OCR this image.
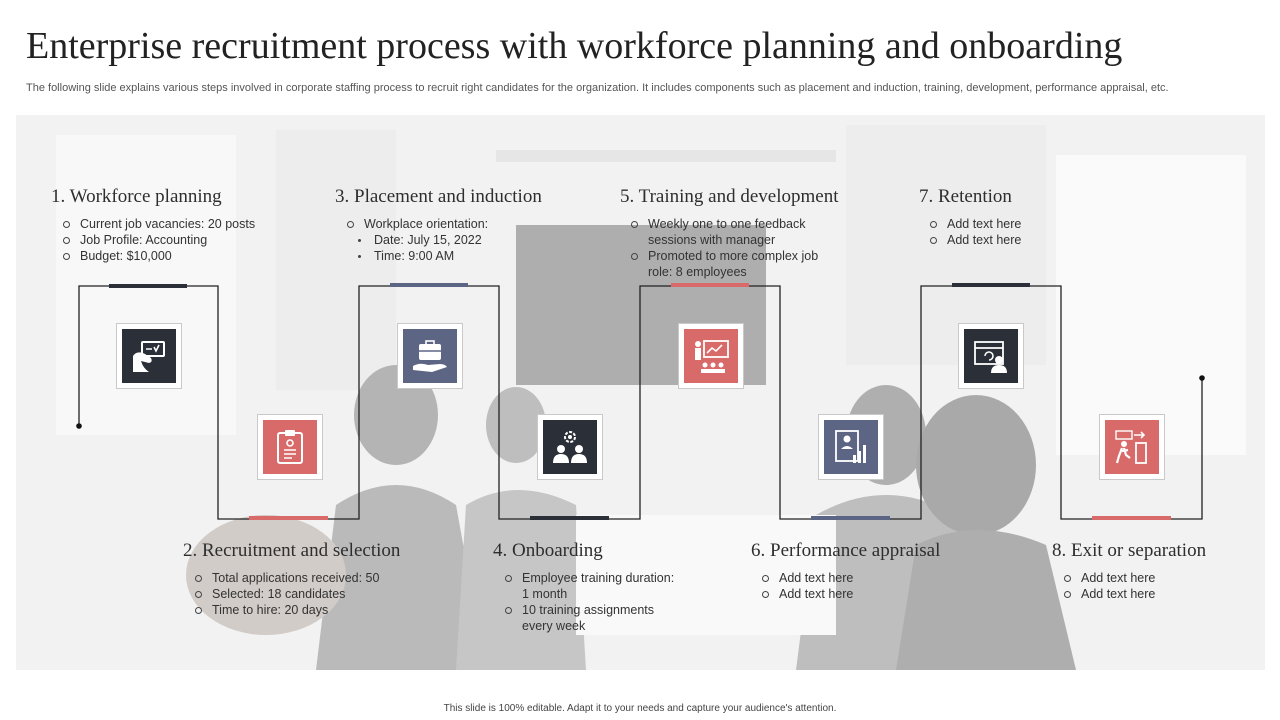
Enterprise recruitment process with workforce planning and onboarding
The following slide explains various steps involved in corporate staffing process to recruit right candidates for the organization. It includes components such as placement and induction, training, development, performance appraisal, etc.
1. Workforce planning
Current job vacancies: 20 posts
Job Profile: Accounting
Budget: $10,000
2. Recruitment and selection
Total applications received: 50
Selected: 18 candidates
Time to hire: 20 days
3. Placement and induction
Workplace orientation:
Date: July 15, 2022
Time: 9:00 AM
4. Onboarding
Employee training duration: 1 month
10 training assignments every week
5. Training and development
Weekly one to one feedback sessions with manager
Promoted to more complex job role: 8 employees
6. Performance appraisal
Add text here
Add text here
7. Retention
Add text here
Add text here
8. Exit or separation
Add text here
Add text here
This slide is 100% editable. Adapt it to your needs and capture your audience's attention.
